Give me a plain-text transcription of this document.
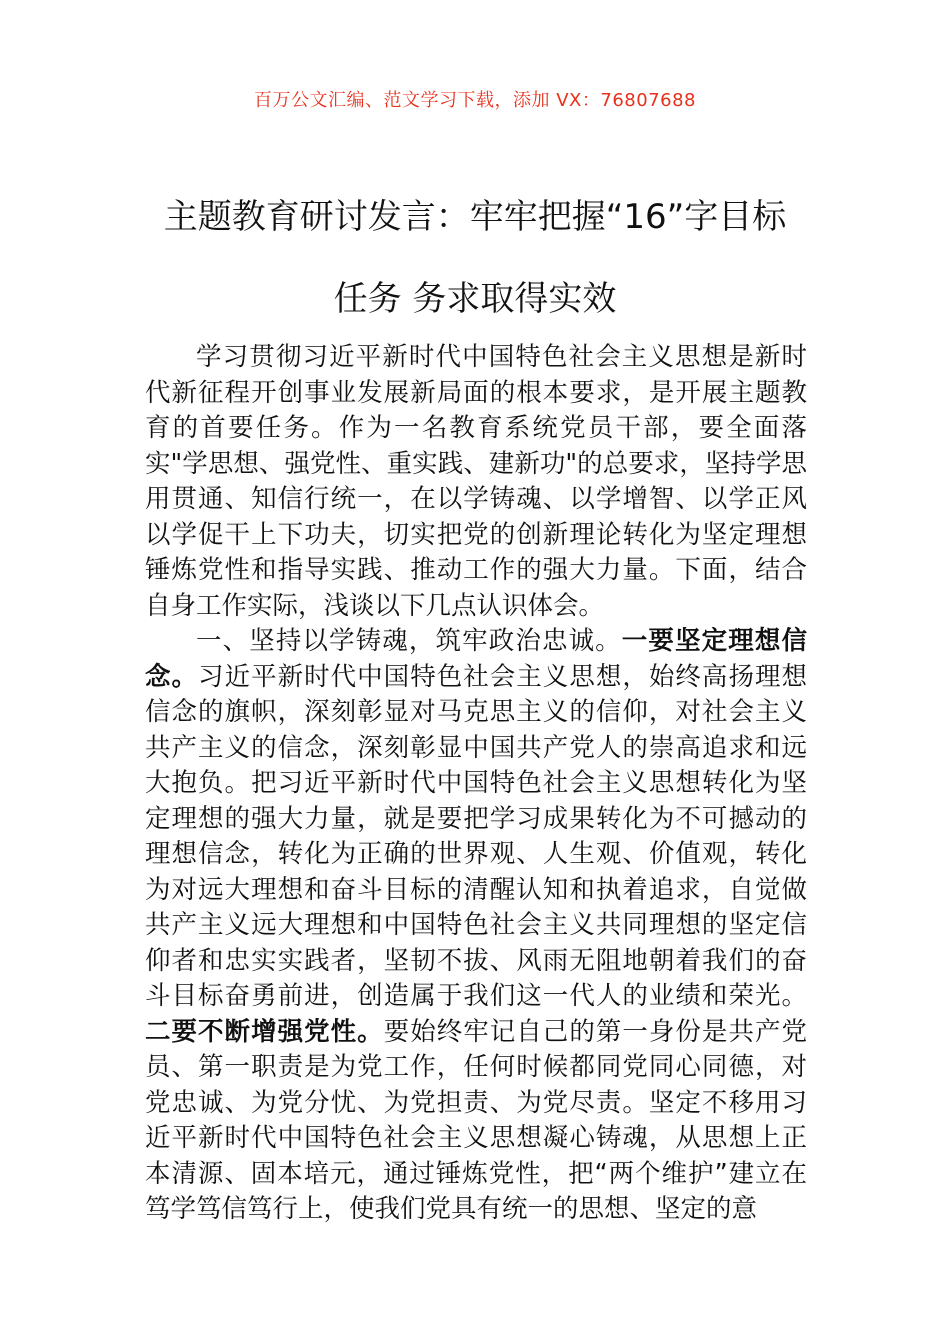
百万公文汇编、范文学习下载，添加 VX：76807688
主题教育研讨发言：牢牢把握“16”字目标
任务 务求取得实效

学习贯彻习近平新时代中国特色社会主义思想是新时代新征程开创事业发展新局面的根本要求，是开展主题教育的首要任务。作为一名教育系统党员干部，要全面落实"学思想、强党性、重实践、建新功"的总要求，坚持学思用贯通、知信行统一，在以学铸魂、以学增智、以学正风以学促干上下功夫，切实把党的创新理论转化为坚定理想锤炼党性和指导实践、推动工作的强大力量。下面，结合自身工作实际，浅谈以下几点认识体会。

一、坚持以学铸魂，筑牢政治忠诚。一要坚定理想信念。习近平新时代中国特色社会主义思想，始终高扬理想信念的旗帜，深刻彰显对马克思主义的信仰，对社会主义共产主义的信念，深刻彰显中国共产党人的崇高追求和远大抱负。把习近平新时代中国特色社会主义思想转化为坚定理想的强大力量，就是要把学习成果转化为不可撼动的理想信念，转化为正确的世界观、人生观、价值观，转化为对远大理想和奋斗目标的清醒认知和执着追求，自觉做共产主义远大理想和中国特色社会主义共同理想的坚定信仰者和忠实实践者，坚韧不拔、风雨无阻地朝着我们的奋斗目标奋勇前进，创造属于我们这一代人的业绩和荣光。二要不断增强党性。要始终牢记自己的第一身份是共产党员、第一职责是为党工作，任何时候都同党同心同德，对党忠诚、为党分忧、为党担责、为党尽责。坚定不移用习近平新时代中国特色社会主义思想凝心铸魂，从思想上正本清源、固本培元，通过锤炼党性，把“两个维护”建立在笃学笃信笃行上，使我们党具有统一的思想、坚定的意
